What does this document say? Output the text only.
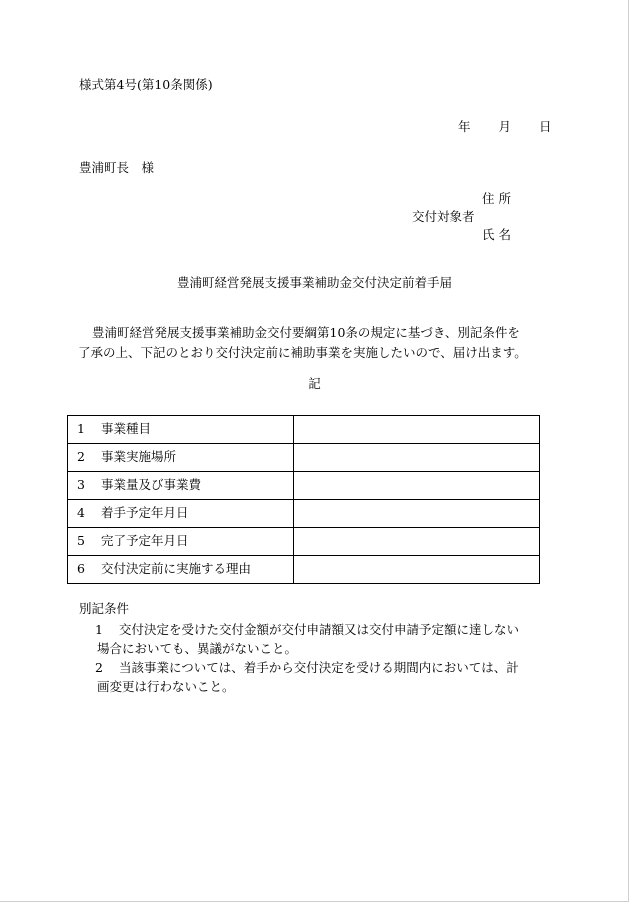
様式第4号(第10条関係)
年 月 日
豊浦町長　様
住 所
交付対象者
氏 名
豊浦町経営発展支援事業補助金交付決定前着手届
豊浦町経営発展支援事業補助金交付要綱第10条の規定に基づき、別記条件を
了承の上、下記のとおり交付決定前に補助事業を実施したいので、届け出ます。
記
1 事業種目	
2 事業実施場所	
3 事業量及び事業費	
4 着手予定年月日	
5 完了予定年月日	
6 交付決定前に実施する理由	
別記条件
1 交付決定を受けた交付金額が交付申請額又は交付申請予定額に達しない
場合においても、異議がないこと。
2 当該事業については、着手から交付決定を受ける期間内においては、計
画変更は行わないこと。
